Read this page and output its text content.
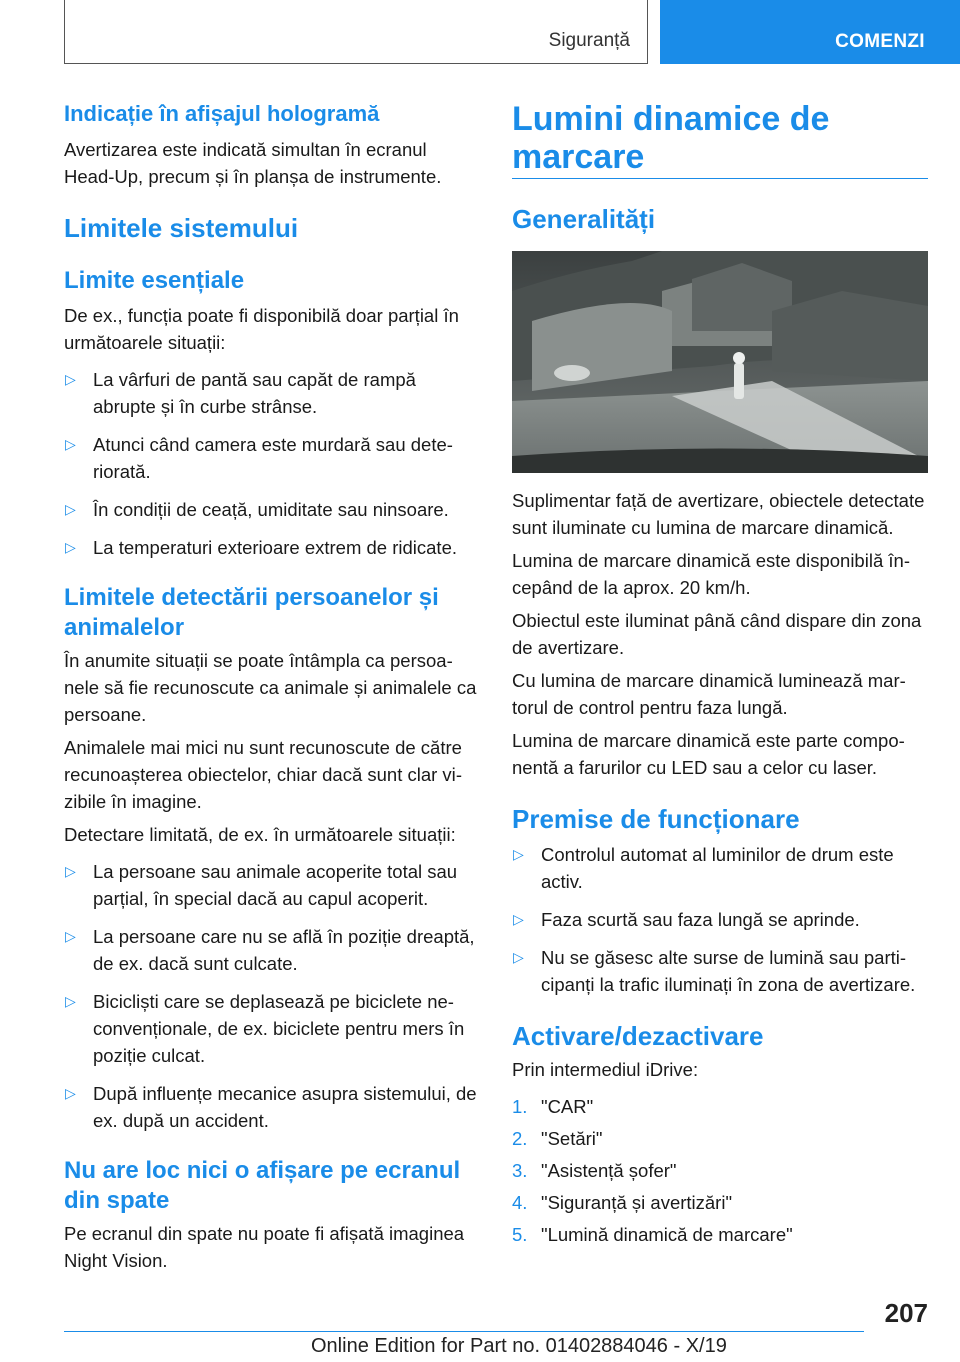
Siguranță	COMENZI
Indicație în afișajul hologramă

Avertizarea este indicată simultan în ecranul Head-Up, precum și în planșa de instrumente.

Limitele sistemului
Limite esențiale

De ex., funcția poate fi disponibilă doar parțial în următoarele situații:

▷ La vârfuri de pantă sau capăt de rampă abrupte și în curbe strânse.
▷ Atunci când camera este murdară sau deteriorată.
▷ În condiții de ceață, umiditate sau ninsoare.
▷ La temperaturi exterioare extrem de ridicate.
Limitele detectării persoanelor și animalelor

În anumite situații se poate întâmpla ca persoanele să fie recunoscute ca animale și animalele ca persoane.

Animalele mai mici nu sunt recunoscute de către recunoașterea obiectelor, chiar dacă sunt clar vizibile în imagine.

Detectare limitată, de ex. în următoarele situații:

▷ La persoane sau animale acoperite total sau parțial, în special dacă au capul acoperit.
▷ La persoane care nu se află în poziție dreaptă, de ex. dacă sunt culcate.
▷ Bicicliști care se deplasează pe biciclete neconvenționale, de ex. biciclete pentru mers în poziție culcat.
▷ După influențe mecanice asupra sistemului, de ex. după un accident.
Nu are loc nici o afișare pe ecranul din spate

Pe ecranul din spate nu poate fi afișată imaginea Night Vision.

Lumini dinamice de marcare
Generalități

Suplimentar față de avertizare, obiectele detectate sunt iluminate cu lumina de marcare dinamică.

Lumina de marcare dinamică este disponibilă începând de la aprox. 20 km/h.

Obiectul este iluminat până când dispare din zona de avertizare.

Cu lumina de marcare dinamică luminează martorul de control pentru faza lungă.

Lumina de marcare dinamică este parte componentă a farurilor cu LED sau a celor cu laser.

Premise de funcționare
▷ Controlul automat al luminilor de drum este activ.
▷ Faza scurtă sau faza lungă se aprinde.
▷ Nu se găsesc alte surse de lumină sau participanți la trafic iluminați în zona de avertizare.
Activare/dezactivare

Prin intermediul iDrive:

1. "CAR"
2. "Setări"
3. "Asistență șofer"
4. "Siguranță și avertizări"
5. "Lumină dinamică de marcare"
207
Online Edition for Part no. 01402884046 - X/19
